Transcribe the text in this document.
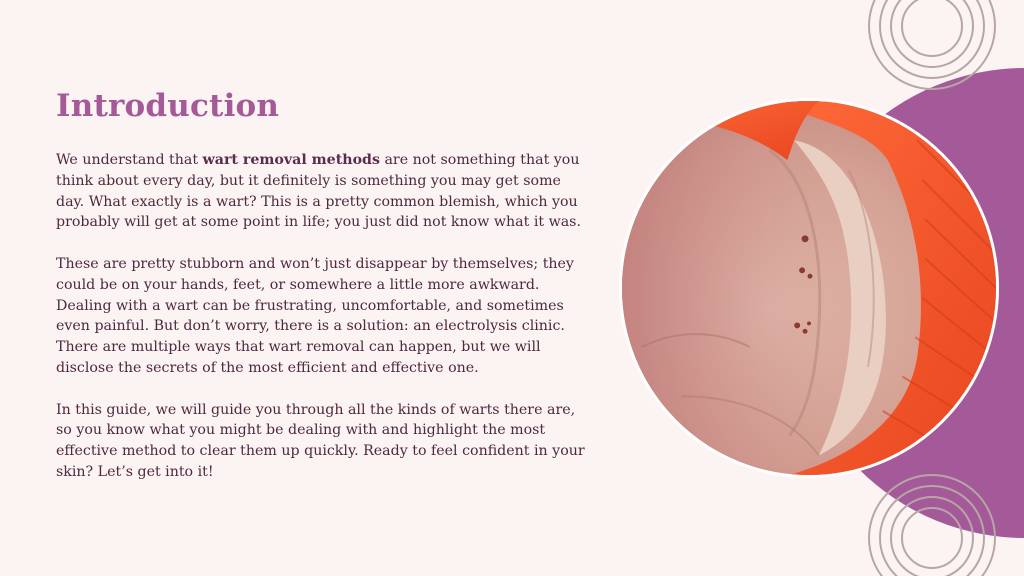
Introduction

We understand that wart removal methods are not something that you think about every day, but it definitely is something you may get some day. What exactly is a wart? This is a pretty common blemish, which you probably will get at some point in life; you just did not know what it was.

These are pretty stubborn and won’t just disappear by themselves; they could be on your hands, feet, or somewhere a little more awkward. Dealing with a wart can be frustrating, uncomfortable, and sometimes even painful. But don’t worry, there is a solution: an electrolysis clinic. There are multiple ways that wart removal can happen, but we will disclose the secrets of the most efficient and effective one.

In this guide, we will guide you through all the kinds of warts there are, so you know what you might be dealing with and highlight the most effective method to clear them up quickly. Ready to feel confident in your skin? Let’s get into it!
